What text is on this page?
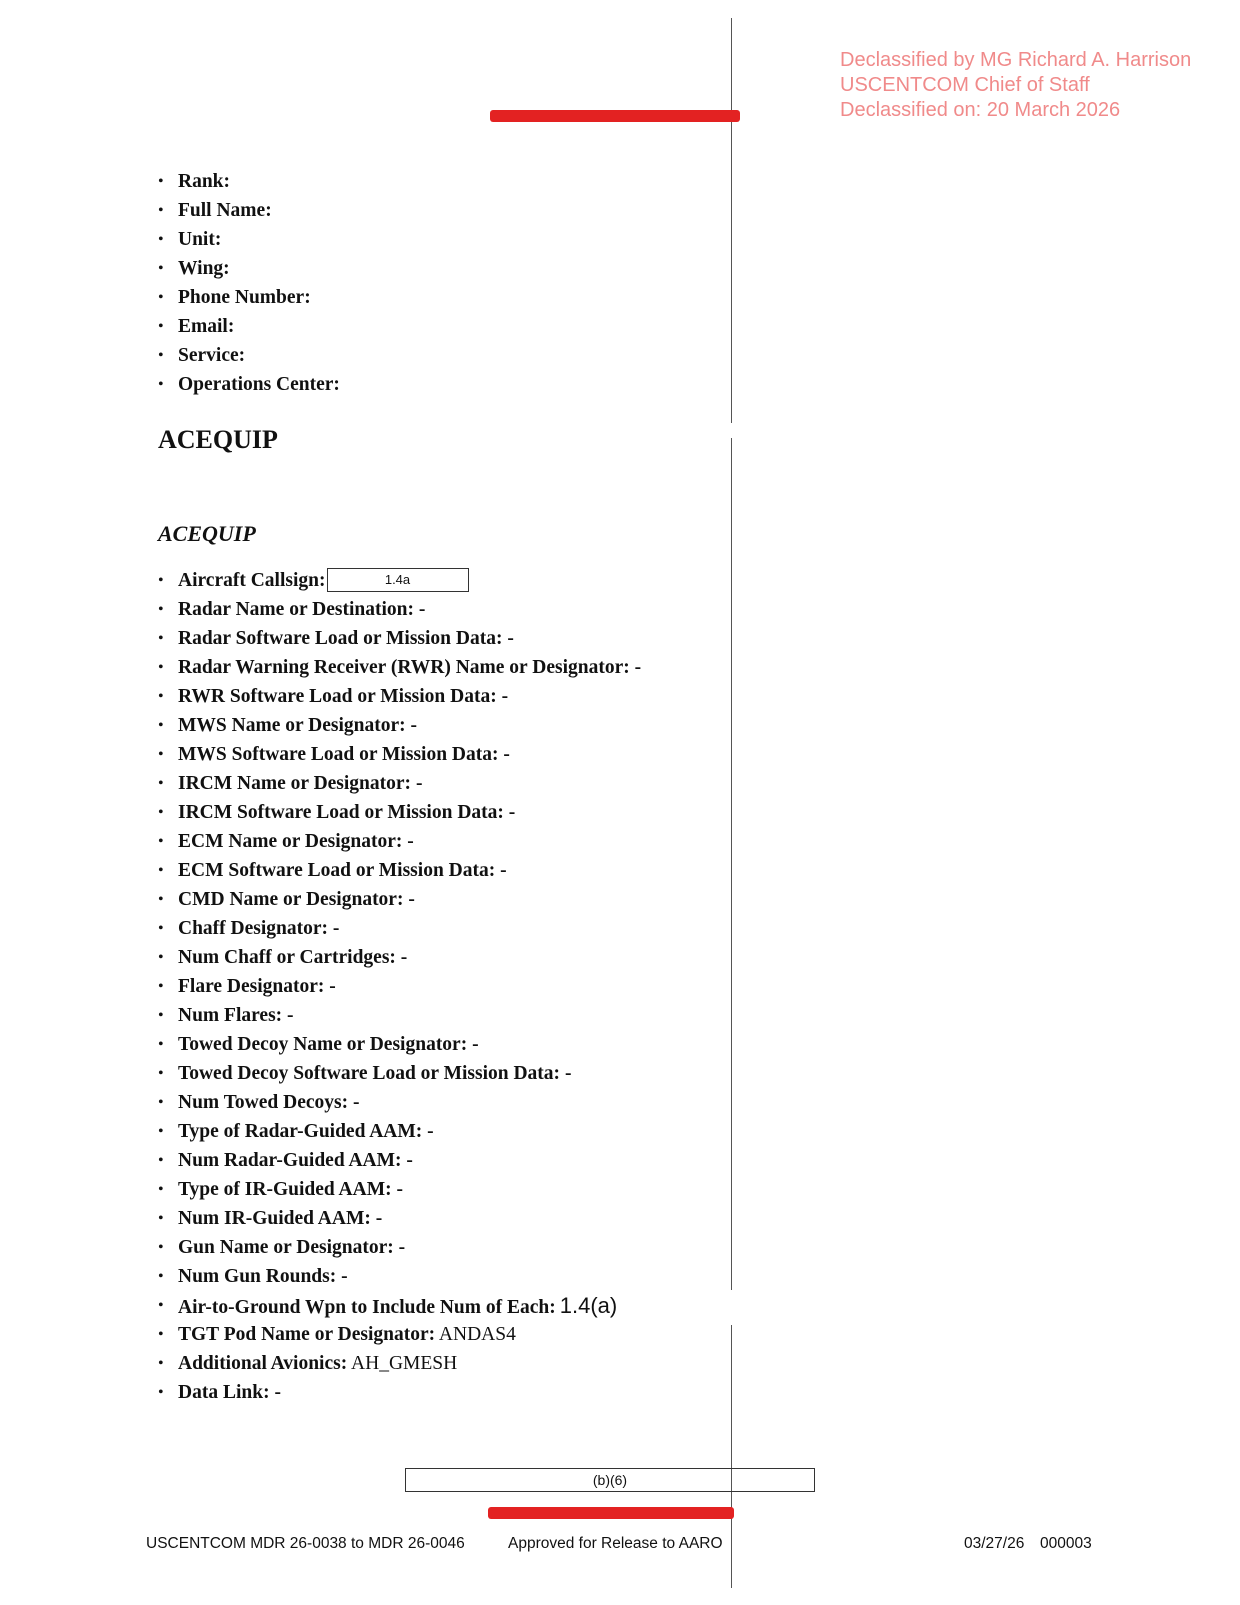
Declassified by MG Richard A. Harrison
USCENTCOM Chief of Staff
Declassified on: 20 March 2026
• Rank:
• Full Name:
• Unit:
• Wing:
• Phone Number:
• Email:
• Service:
• Operations Center:
ACEQUIP
ACEQUIP
• Aircraft Callsign:	1.4a
• Radar Name or Destination: -
• Radar Software Load or Mission Data: -
• Radar Warning Receiver (RWR) Name or Designator: -
• RWR Software Load or Mission Data: -
• MWS Name or Designator: -
• MWS Software Load or Mission Data: -
• IRCM Name or Designator: -
• IRCM Software Load or Mission Data: -
• ECM Name or Designator: -
• ECM Software Load or Mission Data: -
• CMD Name or Designator: -
• Chaff Designator: -
• Num Chaff or Cartridges: -
• Flare Designator: -
• Num Flares: -
• Towed Decoy Name or Designator: -
• Towed Decoy Software Load or Mission Data: -
• Num Towed Decoys: -
• Type of Radar-Guided AAM: -
• Num Radar-Guided AAM: -
• Type of IR-Guided AAM: -
• Num IR-Guided AAM: -
• Gun Name or Designator: -
• Num Gun Rounds: -
• Air-to-Ground Wpn to Include Num of Each: 1.4(a)
• TGT Pod Name or Designator: ANDAS4
• Additional Avionics: AH_GMESH
• Data Link: -
(b)(6)
USCENTCOM MDR 26-0038 to MDR 26-0046	Approved for Release to AARO	03/27/26 000003
